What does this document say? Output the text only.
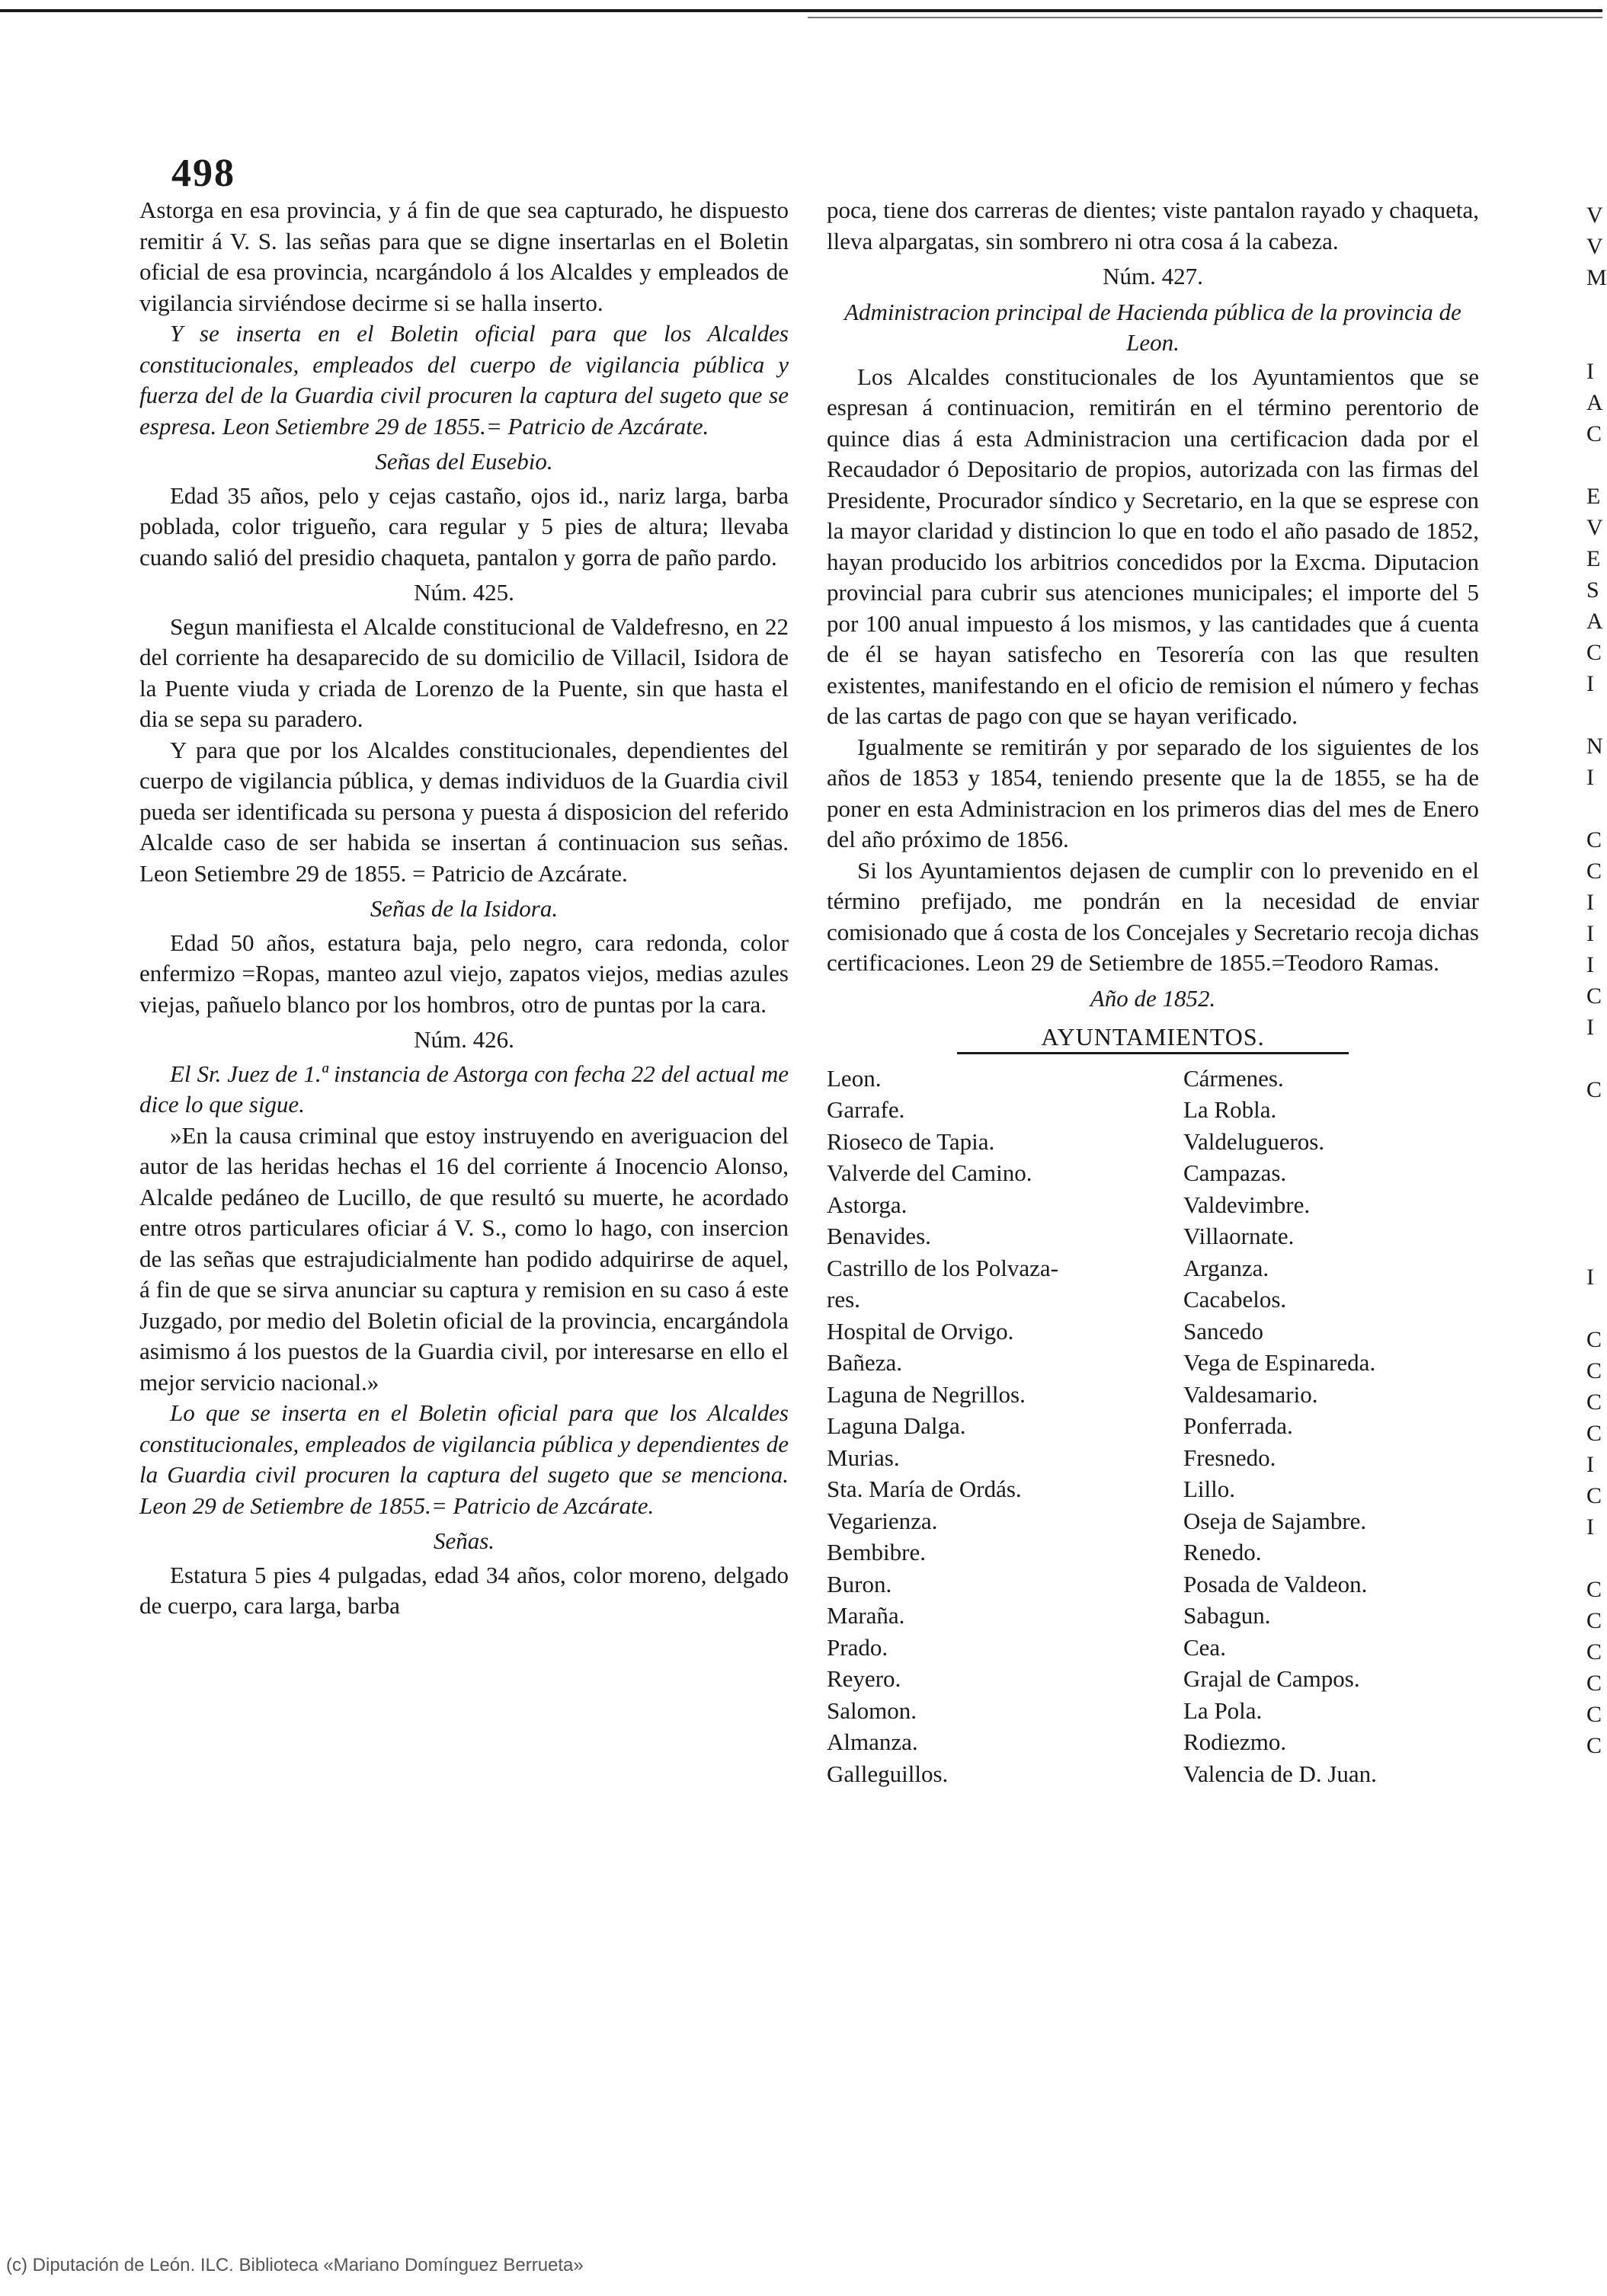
498

Astorga en esa provincia, y á fin de que sea capturado, he dispuesto remitir á V. S. las señas para que se digne insertarlas en el Boletin oficial de esa provincia, ncargándolo á los Alcaldes y empleados de vigilancia sirviéndose decirme si se halla inserto.

Y se inserta en el Boletin oficial para que los Alcaldes constitucionales, empleados del cuerpo de vigilancia pública y fuerza del de la Guardia civil procuren la captura del sugeto que se espresa. Leon Setiembre 29 de 1855.= Patricio de Azcárate.

Señas del Eusebio.

Edad 35 años, pelo y cejas castaño, ojos id., nariz larga, barba poblada, color trigueño, cara regular y 5 pies de altura; llevaba cuando salió del presidio chaqueta, pantalon y gorra de paño pardo.

Núm. 425.

Segun manifiesta el Alcalde constitucional de Valdefresno, en 22 del corriente ha desaparecido de su domicilio de Villacil, Isidora de la Puente viuda y criada de Lorenzo de la Puente, sin que hasta el dia se sepa su paradero.

Y para que por los Alcaldes constitucionales, dependientes del cuerpo de vigilancia pública, y demas individuos de la Guardia civil pueda ser identificada su persona y puesta á disposicion del referido Alcalde caso de ser habida se insertan á continuacion sus señas. Leon Setiembre 29 de 1855. = Patricio de Azcárate.

Señas de la Isidora.

Edad 50 años, estatura baja, pelo negro, cara redonda, color enfermizo =Ropas, manteo azul viejo, zapatos viejos, medias azules viejas, pañuelo blanco por los hombros, otro de puntas por la cara.

Núm. 426.

El Sr. Juez de 1.ª instancia de Astorga con fecha 22 del actual me dice lo que sigue.

»En la causa criminal que estoy instruyendo en averiguacion del autor de las heridas hechas el 16 del corriente á Inocencio Alonso, Alcalde pedáneo de Lucillo, de que resultó su muerte, he acordado entre otros particulares oficiar á V. S., como lo hago, con insercion de las señas que estrajudicialmente han podido adquirirse de aquel, á fin de que se sirva anunciar su captura y remision en su caso á este Juzgado, por medio del Boletin oficial de la provincia, encargándola asimismo á los puestos de la Guardia civil, por interesarse en ello el mejor servicio nacional.»

Lo que se inserta en el Boletin oficial para que los Alcaldes constitucionales, empleados de vigilancia pública y dependientes de la Guardia civil procuren la captura del sugeto que se menciona. Leon 29 de Setiembre de 1855.= Patricio de Azcárate.

Señas.

Estatura 5 pies 4 pulgadas, edad 34 años, color moreno, delgado de cuerpo, cara larga, barba

poca, tiene dos carreras de dientes; viste pantalon rayado y chaqueta, lleva alpargatas, sin sombrero ni otra cosa á la cabeza.

Núm. 427.

Administracion principal de Hacienda pública de la provincia de Leon.

Los Alcaldes constitucionales de los Ayuntamientos que se espresan á continuacion, remitirán en el término perentorio de quince dias á esta Administracion una certificacion dada por el Recaudador ó Depositario de propios, autorizada con las firmas del Presidente, Procurador síndico y Secretario, en la que se esprese con la mayor claridad y distincion lo que en todo el año pasado de 1852, hayan producido los arbitrios concedidos por la Excma. Diputacion provincial para cubrir sus atenciones municipales; el importe del 5 por 100 anual impuesto á los mismos, y las cantidades que á cuenta de él se hayan satisfecho en Tesorería con las que resulten existentes, manifestando en el oficio de remision el número y fechas de las cartas de pago con que se hayan verificado.

Igualmente se remitirán y por separado de los siguientes de los años de 1853 y 1854, teniendo presente que la de 1855, se ha de poner en esta Administracion en los primeros dias del mes de Enero del año próximo de 1856.

Si los Ayuntamientos dejasen de cumplir con lo prevenido en el término prefijado, me pondrán en la necesidad de enviar comisionado que á costa de los Concejales y Secretario recoja dichas certificaciones. Leon 29 de Setiembre de 1855.=Teodoro Ramas.

Año de 1852.

AYUNTAMIENTOS.
Leon.	Cármenes.
Garrafe.	La Robla.
Rioseco de Tapia.	Valdelugueros.
Valverde del Camino.	Campazas.
Astorga.	Valdevimbre.
Benavides.	Villaornate.
Castrillo de los Polvaza-	Arganza.
res.	Cacabelos.
Hospital de Orvigo.	Sancedo
Bañeza.	Vega de Espinareda.
Laguna de Negrillos.	Valdesamario.
Laguna Dalga.	Ponferrada.
Murias.	Fresnedo.
Sta. María de Ordás.	Lillo.
Vegarienza.	Oseja de Sajambre.
Bembibre.	Renedo.
Buron.	Posada de Valdeon.
Maraña.	Sabagun.
Prado.	Cea.
Reyero.	Grajal de Campos.
Salomon.	La Pola.
Almanza.	Rodiezmo.
Galleguillos.	Valencia de D. Juan.
V
V
M
I
A
C
E
V
E
S
A
C
I
N
I
C
C
I
I
I
C
I
C
I
C
C
C
C
I
C
I
C
C
C
C
C
C
(c) Diputación de León. ILC. Biblioteca «Mariano Domínguez Berrueta»
